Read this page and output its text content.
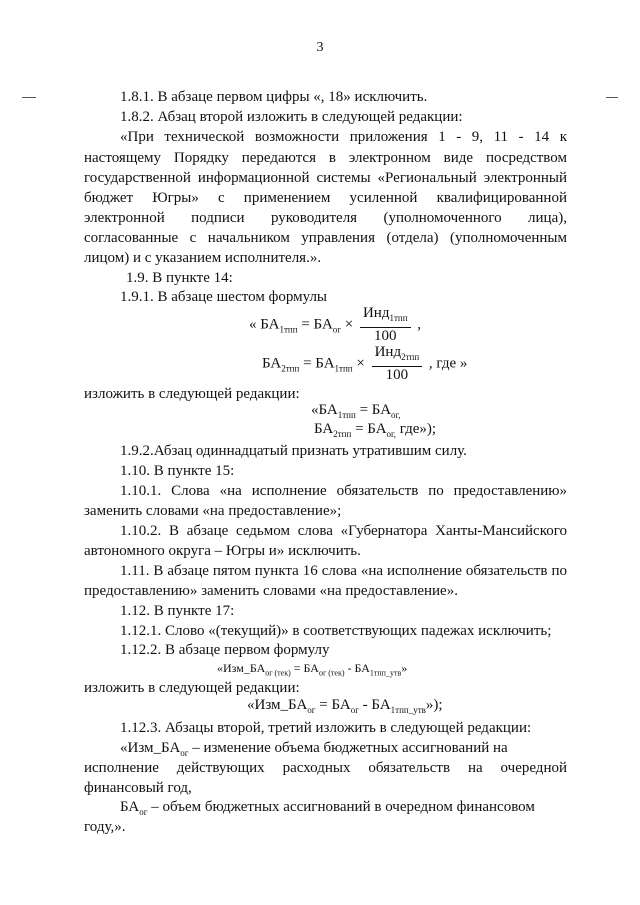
3
1.8.1. В абзаце первом цифры «, 18» исключить.
1.8.2. Абзац второй изложить в следующей редакции:
«При технической возможности приложения 1 - 9, 11 - 14 к
настоящему Порядку передаются в электронном виде посредством
государственной информационной системы «Региональный электронный
бюджет Югры» с применением усиленной квалифицированной
электронной подписи руководителя (уполномоченного лица),
согласованные с начальником управления (отдела) (уполномоченным
лицом) и с указанием исполнителя.».
1.9. В пункте 14:
1.9.1. В абзаце шестом формулы
« $БА_{1тпп} = БА_{ог} \times \frac{Инд_{1тпп}}{100}$ ,
$БА_{2тпп} = БА_{1тпп} \times \frac{Инд_{2тпп}}{100}$ , где »
изложить в следующей редакции:
«$БА_{1тпп} = БА_{ог,}$
$БА_{2тпп} = БА_{ог,}$ где»);
1.9.2.Абзац одиннадцатый признать утратившим силу.
1.10. В пункте 15:
1.10.1. Слова «на исполнение обязательств по предоставлению»
заменить словами «на предоставление»;
1.10.2. В абзаце седьмом слова «Губернатора Ханты-Мансийского
автономного округа – Югры и» исключить.
1.11. В абзаце пятом пункта 16 слова «на исполнение обязательств по
предоставлению» заменить словами «на предоставление».
1.12. В пункте 17:
1.12.1. Слово «(текущий)» в соответствующих падежах исключить;
1.12.2. В абзаце первом формулу
«$Изм\_БА_{ог (тек)} = БА_{ог (тек)} - БА_{1тпп\_утв}$»
изложить в следующей редакции:
«$Изм\_БА_{ог} = БА_{ог}$ - $БА_{1тпп\_утв}$»);
1.12.3. Абзацы второй, третий изложить в следующей редакции:
«$Изм\_БА_{ог}$ – изменение объема бюджетных ассигнований на
исполнение действующих расходных обязательств на очередной
финансовый год,
$БА_{ог}$ – объем бюджетных ассигнований в очередном финансовом
году,».
